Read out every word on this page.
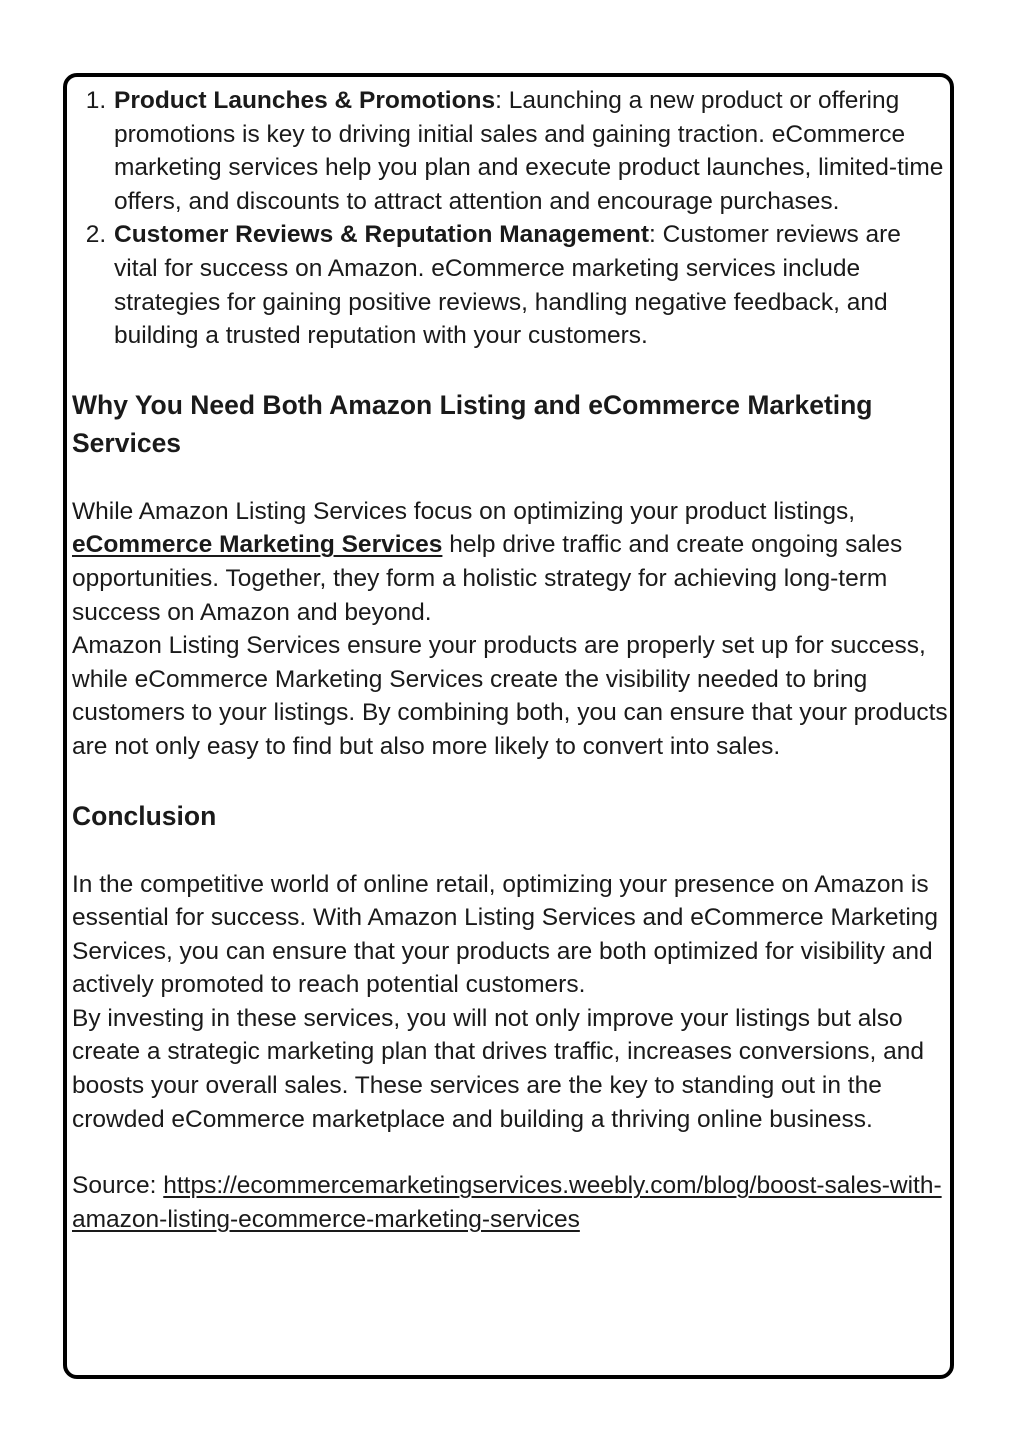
1. Product Launches & Promotions: Launching a new product or offering promotions is key to driving initial sales and gaining traction. eCommerce marketing services help you plan and execute product launches, limited-time offers, and discounts to attract attention and encourage purchases.
2. Customer Reviews & Reputation Management: Customer reviews are vital for success on Amazon. eCommerce marketing services include strategies for gaining positive reviews, handling negative feedback, and building a trusted reputation with your customers.
Why You Need Both Amazon Listing and eCommerce Marketing Services

While Amazon Listing Services focus on optimizing your product listings, eCommerce Marketing Services help drive traffic and create ongoing sales opportunities. Together, they form a holistic strategy for achieving long-term success on Amazon and beyond.

Amazon Listing Services ensure your products are properly set up for success, while eCommerce Marketing Services create the visibility needed to bring customers to your listings. By combining both, you can ensure that your products are not only easy to find but also more likely to convert into sales.

Conclusion

In the competitive world of online retail, optimizing your presence on Amazon is essential for success. With Amazon Listing Services and eCommerce Marketing Services, you can ensure that your products are both optimized for visibility and actively promoted to reach potential customers.

By investing in these services, you will not only improve your listings but also create a strategic marketing plan that drives traffic, increases conversions, and boosts your overall sales. These services are the key to standing out in the crowded eCommerce marketplace and building a thriving online business.

Source: https://ecommercemarketingservices.weebly.com/blog/boost-sales-with-amazon-listing-ecommerce-marketing-services
